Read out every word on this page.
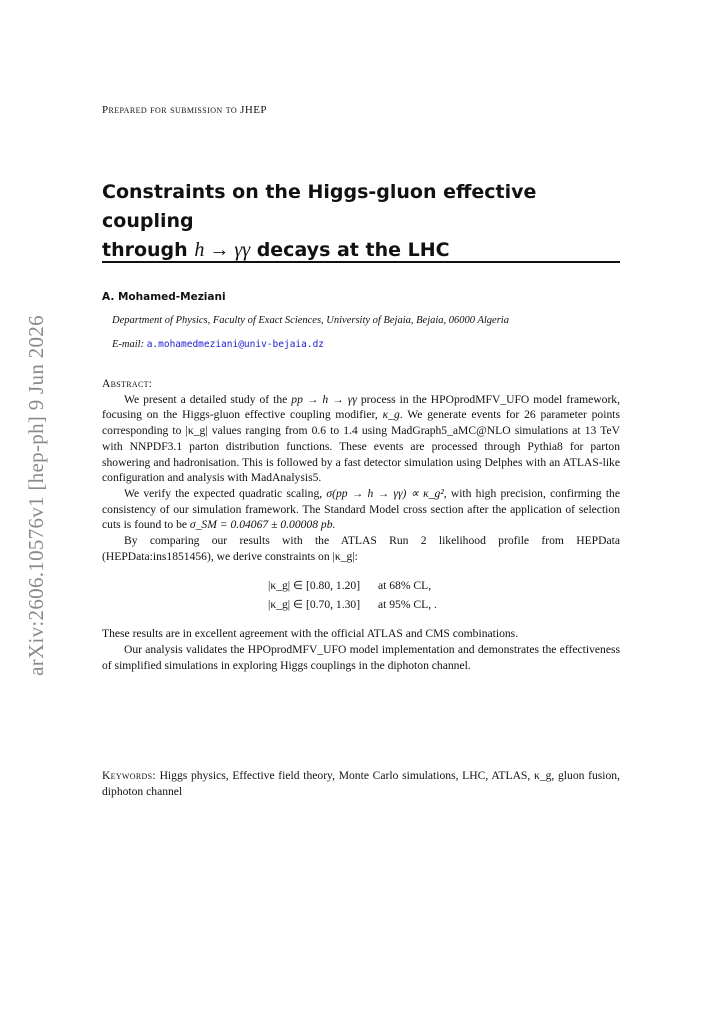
arXiv:2606.10576v1 [hep-ph] 9 Jun 2026
Prepared for submission to JHEP
Constraints on the Higgs-gluon effective coupling
through h → γγ decays at the LHC
A. Mohamed-Meziani
Department of Physics, Faculty of Exact Sciences, University of Bejaia, Bejaia, 06000 Algeria
E-mail: a.mohamedmeziani@univ-bejaia.dz

Abstract:

We present a detailed study of the pp → h → γγ process in the HPOprodMFV_UFO model framework, focusing on the Higgs-gluon effective coupling modifier, κ_g. We generate events for 26 parameter points corresponding to |κ_g| values ranging from 0.6 to 1.4 using MadGraph5_aMC@NLO simulations at 13 TeV with NNPDF3.1 parton distribution functions. These events are processed through Pythia8 for parton showering and hadronisation. This is followed by a fast detector simulation using Delphes with an ATLAS-like configuration and analysis with MadAnalysis5.

We verify the expected quadratic scaling, σ(pp → h → γγ) ∝ κ_g², with high precision, confirming the consistency of our simulation framework. The Standard Model cross section after the application of selection cuts is found to be σ_SM = 0.04067 ± 0.00008 pb.

By comparing our results with the ATLAS Run 2 likelihood profile from HEPData (HEPData:ins1851456), we derive constraints on |κ_g|:

|κ_g| ∈ [0.80, 1.20]	at 68% CL,
|κ_g| ∈ [0.70, 1.30]	at 95% CL, .

These results are in excellent agreement with the official ATLAS and CMS combinations.

Our analysis validates the HPOprodMFV_UFO model implementation and demonstrates the effectiveness of simplified simulations in exploring Higgs couplings in the diphoton channel.

Keywords: Higgs physics, Effective field theory, Monte Carlo simulations, LHC, ATLAS, κ_g, gluon fusion, diphoton channel
